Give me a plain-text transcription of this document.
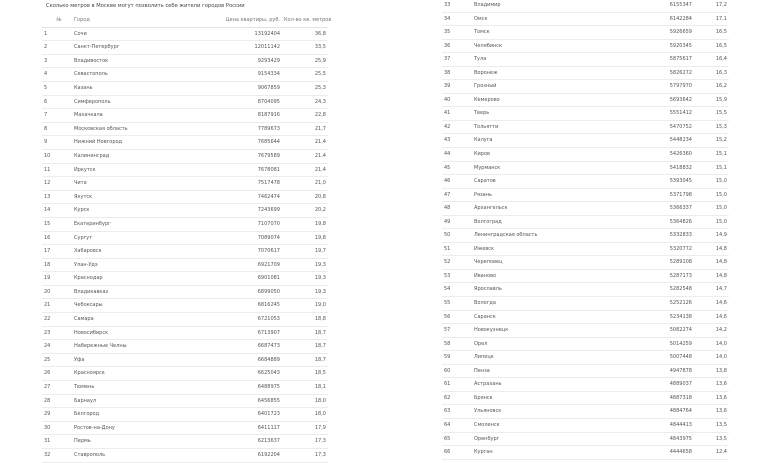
Сколько метров в Москве могут позволить себе жители городов России
№	Город	Цена квартиры, руб.	Кол-во кв. метров
1	Сочи	13192404	36,8
2	Санкт-Петербург	12011142	33,5
3	Владивосток	9293429	25,9
4	Севастополь	9154334	25,5
5	Казань	9067859	25,3
6	Симферополь	8704095	24,3
7	Махачкала	8187916	22,8
8	Московская область	7789673	21,7
9	Нижний Новгород	7685644	21,4
10	Калининград	7679589	21,4
11	Иркутск	7678081	21,4
12	Чита	7517478	21,0
13	Якутск	7462474	20,8
14	Курск	7243699	20,2
15	Екатеринбург	7107070	19,8
16	Сургут	7089074	19,8
17	Хабаровск	7070617	19,7
18	Улан-Удэ	6921709	19,3
19	Краснодар	6901081	19,3
20	Владикавказ	6899050	19,3
21	Чебоксары	6816245	19,0
22	Самара	6721053	18,8
23	Новосибирск	6713907	18,7
24	Набережные Челны	6687473	18,7
25	Уфа	6684889	18,7
26	Красноярск	6625043	18,5
27	Тюмень	6488975	18,1
28	Барнаул	6456855	18,0
29	Белгород	6401723	18,0
30	Ростов-на-Дону	6411117	17,9
31	Пермь	6213637	17,3
32	Ставрополь	6192204	17,3
33	Владимир	6155347	17,2
34	Омск	6142284	17,1
35	Томск	5926659	16,5
36	Челябинск	5920345	16,5
37	Тула	5875617	16,4
38	Воронеж	5826272	16,3
39	Грозный	5797970	16,2
40	Кемерово	5693642	15,9
41	Тверь	5551412	15,5
42	Тольятти	5470752	15,3
43	Калуга	5448234	15,2
44	Киров	5426360	15,1
45	Мурманск	5418832	15,1
46	Саратов	5393045	15,0
47	Рязань	5371798	15,0
48	Архангельск	5366337	15,0
49	Волгоград	5364826	15,0
50	Ленинградская область	5332833	14,9
51	Ижевск	5320772	14,8
52	Череповец	5289108	14,8
53	Иваново	5287173	14,8
54	Ярославль	5282548	14,7
55	Вологда	5252126	14,6
56	Саранск	5234138	14,6
57	Новокузнецк	5082274	14,2
58	Орел	5014259	14,0
59	Липецк	5007448	14,0
60	Пенза	4947878	13,8
61	Астрахань	4889037	13,6
62	Брянск	4887318	13,6
63	Ульяновск	4884764	13,6
64	Смоленск	4844413	13,5
65	Оренбург	4843975	13,5
66	Курган	4444658	12,4
